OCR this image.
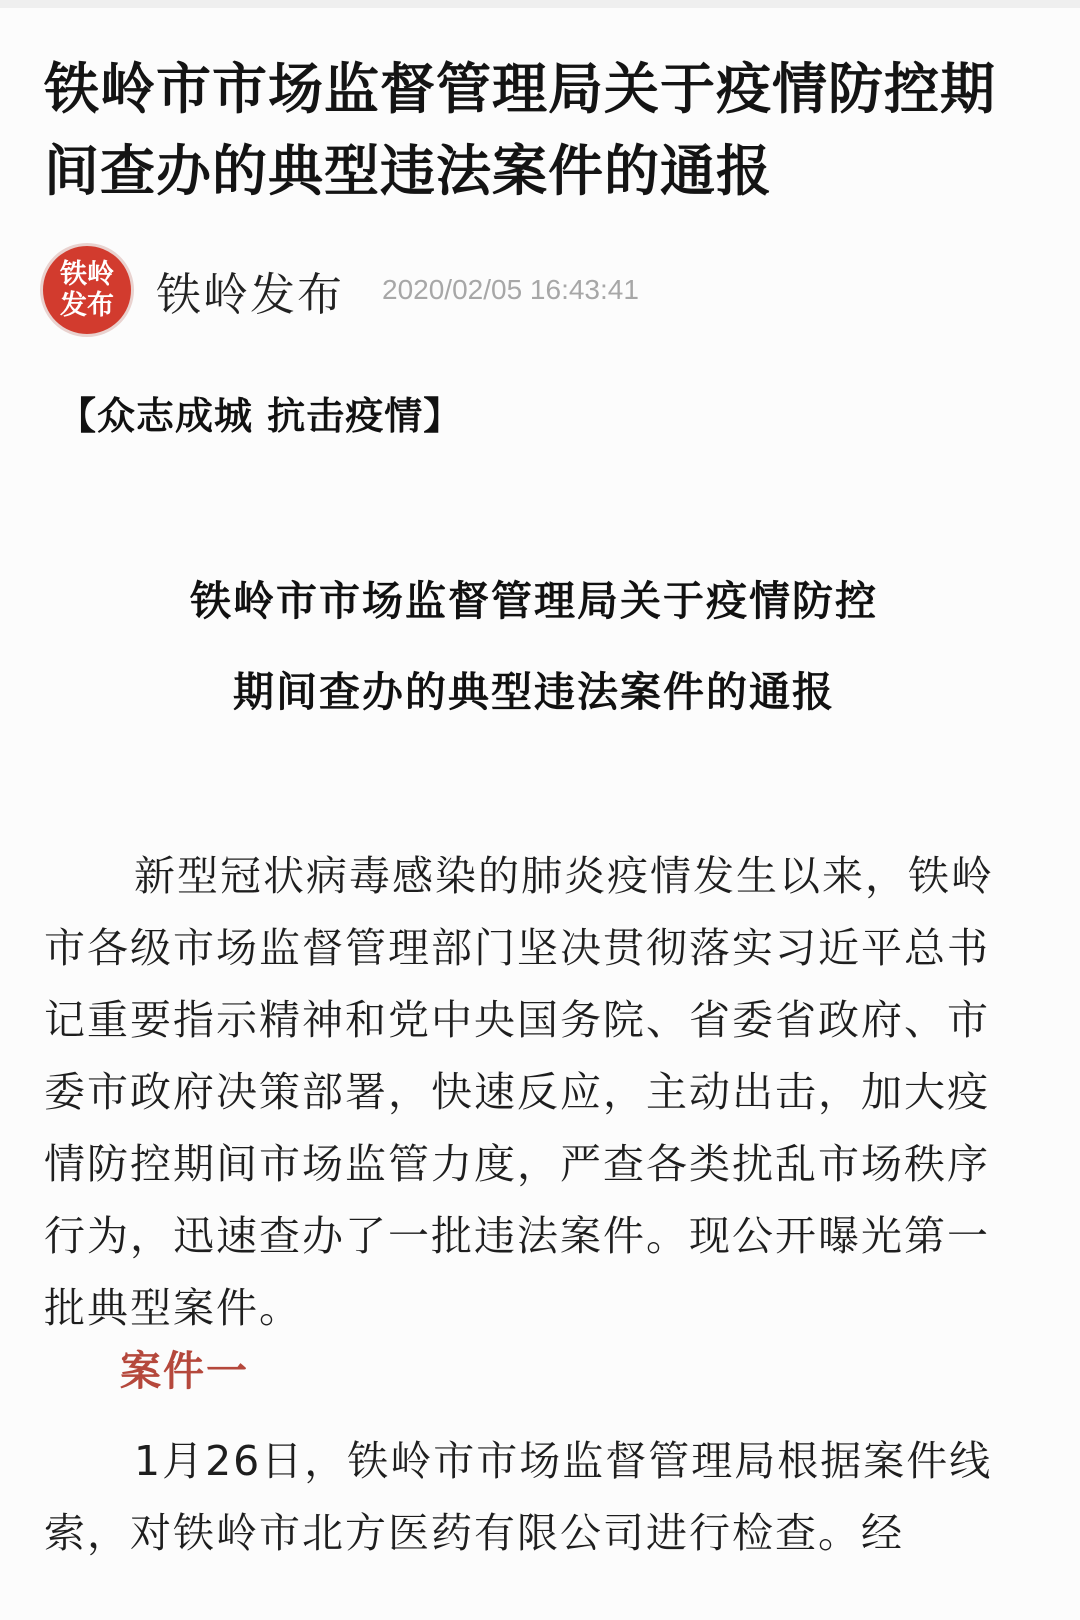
铁岭市市场监督管理局关于疫情防控期间查办的典型违法案件的通报
铁岭
发布 铁岭发布 2020/02/05 16:43:41
【众志成城 抗击疫情】
铁岭市市场监督管理局关于疫情防控
期间查办的典型违法案件的通报

新型冠状病毒感染的肺炎疫情发生以来，铁岭市各级市场监督管理部门坚决贯彻落实习近平总书记重要指示精神和党中央国务院、省委省政府、市委市政府决策部署，快速反应，主动出击，加大疫情防控期间市场监管力度，严查各类扰乱市场秩序行为，迅速查办了一批违法案件。现公开曝光第一批典型案件。

案件一

1月26日，铁岭市市场监督管理局根据案件线索，对铁岭市北方医药有限公司进行检查。经
